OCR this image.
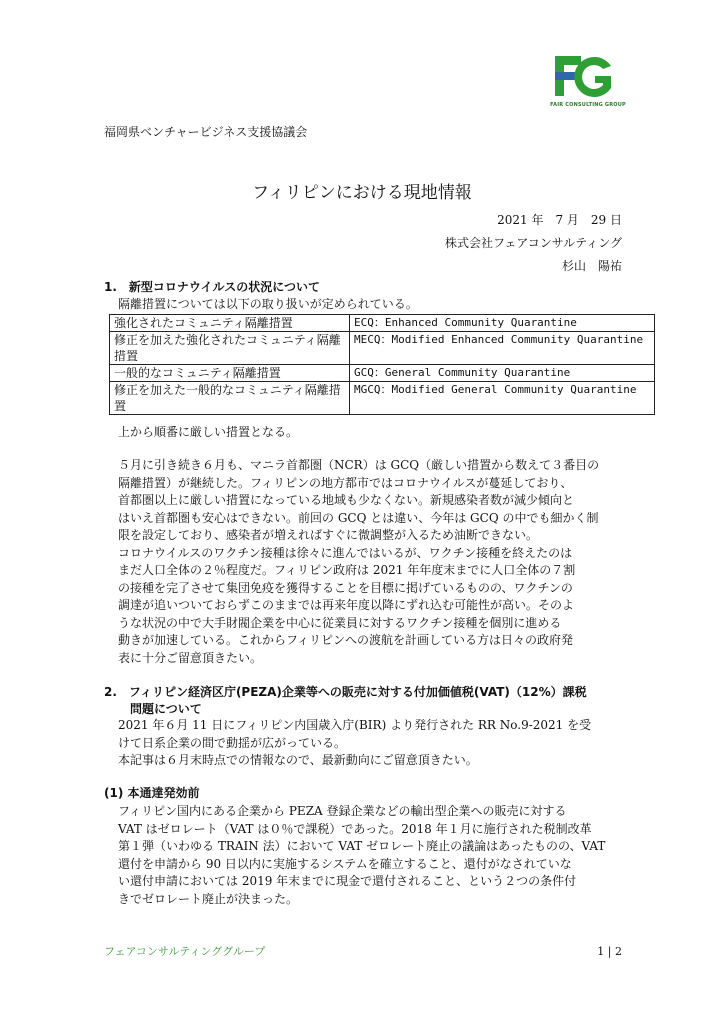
FAIR CONSULTING GROUP
福岡県ベンチャービジネス支援協議会
フィリピンにおける現地情報
2021 年　7 月　29 日
株式会社フェアコンサルティング
杉山　陽祐
1.　新型コロナウイルスの状況について
隔離措置については以下の取り扱いが定められている。
強化されたコミュニティ隔離措置	ECQ：Enhanced Community Quarantine
修正を加えた強化されたコミュニティ隔離措置	MECQ：Modified Enhanced Community Quarantine
一般的なコミュニティ隔離措置	GCQ：General Community Quarantine
修正を加えた一般的なコミュニティ隔離措置	MGCQ：Modified General Community Quarantine
上から順番に厳しい措置となる。
５月に引き続き６月も、マニラ首都圏（NCR）は GCQ（厳しい措置から数えて３番目の
隔離措置）が継続した。フィリピンの地方都市ではコロナウイルスが蔓延しており、
首都圏以上に厳しい措置になっている地域も少なくない。新規感染者数が減少傾向と
はいえ首都圏も安心はできない。前回の GCQ とは違い、今年は GCQ の中でも細かく制
限を設定しており、感染者が増えればすぐに微調整が入るため油断できない。
コロナウイルスのワクチン接種は徐々に進んではいるが、ワクチン接種を終えたのは
まだ人口全体の２％程度だ。フィリピン政府は 2021 年年度末までに人口全体の７割
の接種を完了させて集団免疫を獲得することを目標に掲げているものの、ワクチンの
調達が追いついておらずこのままでは再来年度以降にずれ込む可能性が高い。そのよ
うな状況の中で大手財閥企業を中心に従業員に対するワクチン接種を個別に進める
動きが加速している。これからフィリピンへの渡航を計画している方は日々の政府発
表に十分ご留意頂きたい。
2.　フィリピン経済区庁(PEZA)企業等への販売に対する付加価値税(VAT)（12%）課税
問題について
2021 年６月 11 日にフィリピン内国歳入庁(BIR) より発行された RR No.9-2021 を受
けて日系企業の間で動揺が広がっている。
本記事は６月末時点での情報なので、最新動向にご留意頂きたい。
(1) 本通達発効前
フィリピン国内にある企業から PEZA 登録企業などの輸出型企業への販売に対する
VAT はゼロレート（VAT は０％で課税）であった。2018 年１月に施行された税制改革
第１弾（いわゆる TRAIN 法）において VAT ゼロレート廃止の議論はあったものの、VAT
還付を申請から 90 日以内に実施するシステムを確立すること、還付がなされていな
い還付申請においては 2019 年末までに現金で還付されること、という２つの条件付
きでゼロレート廃止が決まった。
フェアコンサルティンググループ	1 | 2
